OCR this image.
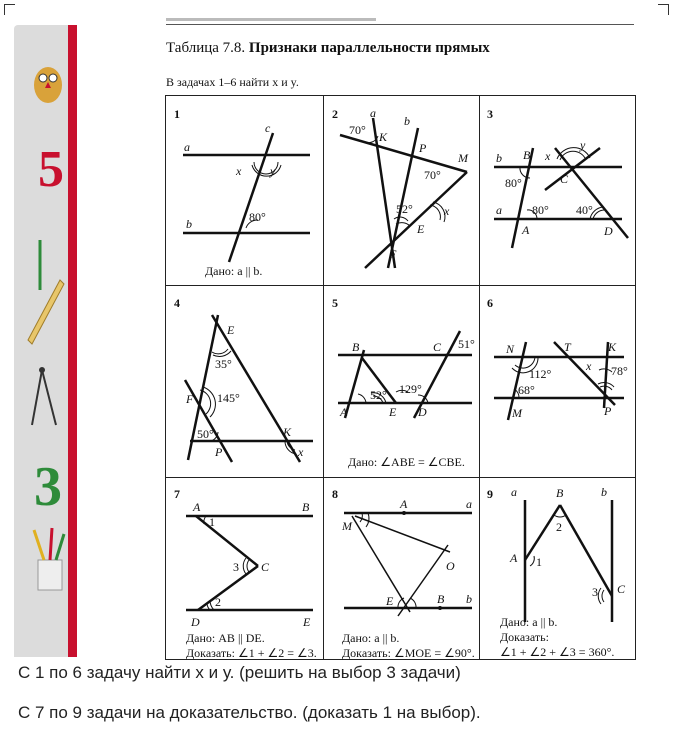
5
3
Таблица 7.8. Признаки параллельности прямых
В задачах 1–6 найти x и y.
1
a
b
c
x y
80°
Дано: a || b.
2	a
b
70° K
P
M
70°
52°
E
x
F
3
b B x
y
C
80°
a	80° 40°
A	D
4
E
35°
F 145°
50°
P
K
x
5
B	C 51°
52° 129°
A	E D
Дано: ∠ABE = ∠CBE.
6
N	T	K
112°
x 78°
68°
M	P
7
A	B
1
3 C
2
D	E
Дано: AB || DE.
Доказать: ∠1 + ∠2 = ∠3.
8
A	a
M
O
E	B b
Дано: a || b.
Доказать: ∠MOE = ∠90°.
9 a	B	b
2
A 1
3 C
Дано: a || b.
Доказать:
∠1 + ∠2 + ∠3 = 360°.
С 1 по 6 задачу найти х и у. (решить на выбор 3 задачи)
С 7 по 9 задачи на доказательство. (доказать 1 на выбор).
